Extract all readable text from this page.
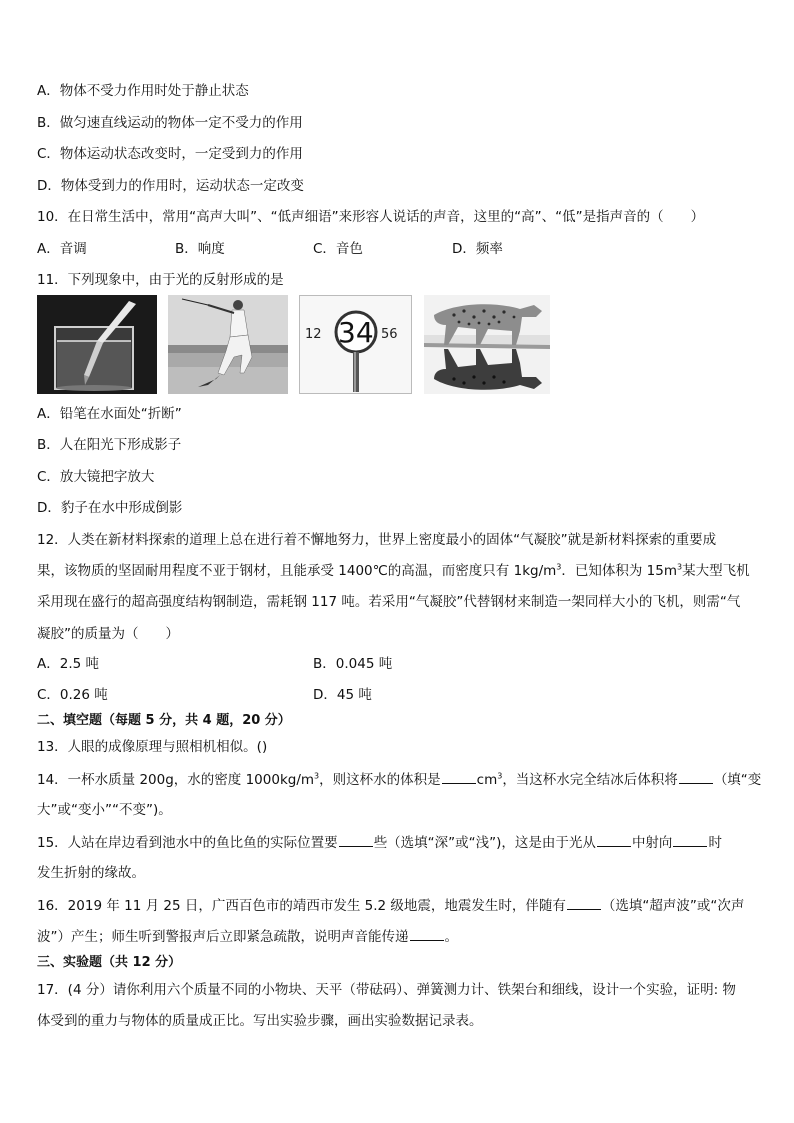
A．物体不受力作用时处于静止状态
B．做匀速直线运动的物体一定不受力的作用
C．物体运动状态改变时，一定受到力的作用
D．物体受到力的作用时，运动状态一定改变
10．在日常生活中，常用“高声大叫”、“低声细语”来形容人说话的声音，这里的“高”、“低”是指声音的（　　）
A．音调	B．响度	C．音色	D．频率
11．下列现象中，由于光的反射形成的是
12 34 56
A．铅笔在水面处“折断”
B．人在阳光下形成影子
C．放大镜把字放大
D．豹子在水中形成倒影
12．人类在新材料探索的道理上总在进行着不懈地努力，世界上密度最小的固体“气凝胶”就是新材料探索的重要成
果，该物质的坚固耐用程度不亚于钢材，且能承受 1400℃的高温，而密度只有 $1kg/m^3$．已知体积为 $15m^3$某大型飞机
采用现在盛行的超高强度结构钢制造，需耗钢 117 吨。若采用“气凝胶”代替钢材来制造一架同样大小的飞机，则需“气
凝胶”的质量为（　　）
A．2.5 吨	B．0.045 吨
C．0.26 吨	D．45 吨
二、填空题（每题 5 分，共 4 题，20 分）
13．人眼的成像原理与照相机相似。()
14．一杯水质量 200g，水的密度 $1000kg/m^3$，则这杯水的体积是	$cm^3$，当这杯水完全结冰后体积将	（填“变
大”或“变小”“不变”)。
15．人站在岸边看到池水中的鱼比鱼的实际位置要	些（选填“深”或“浅”)，这是由于光从	中射向	时
发生折射的缘故。
16．2019 年 11 月 25 日，广西百色市的靖西市发生 5.2 级地震，地震发生时，伴随有	（选填“超声波”或“次声
波”）产生；师生听到警报声后立即紧急疏散，说明声音能传递	。
三、实验题（共 12 分）
17．(4 分）请你利用六个质量不同的小物块、天平（带砝码）、弹簧测力计、铁架台和细线，设计一个实验，证明: 物
体受到的重力与物体的质量成正比。写出实验步骤，画出实验数据记录表。
